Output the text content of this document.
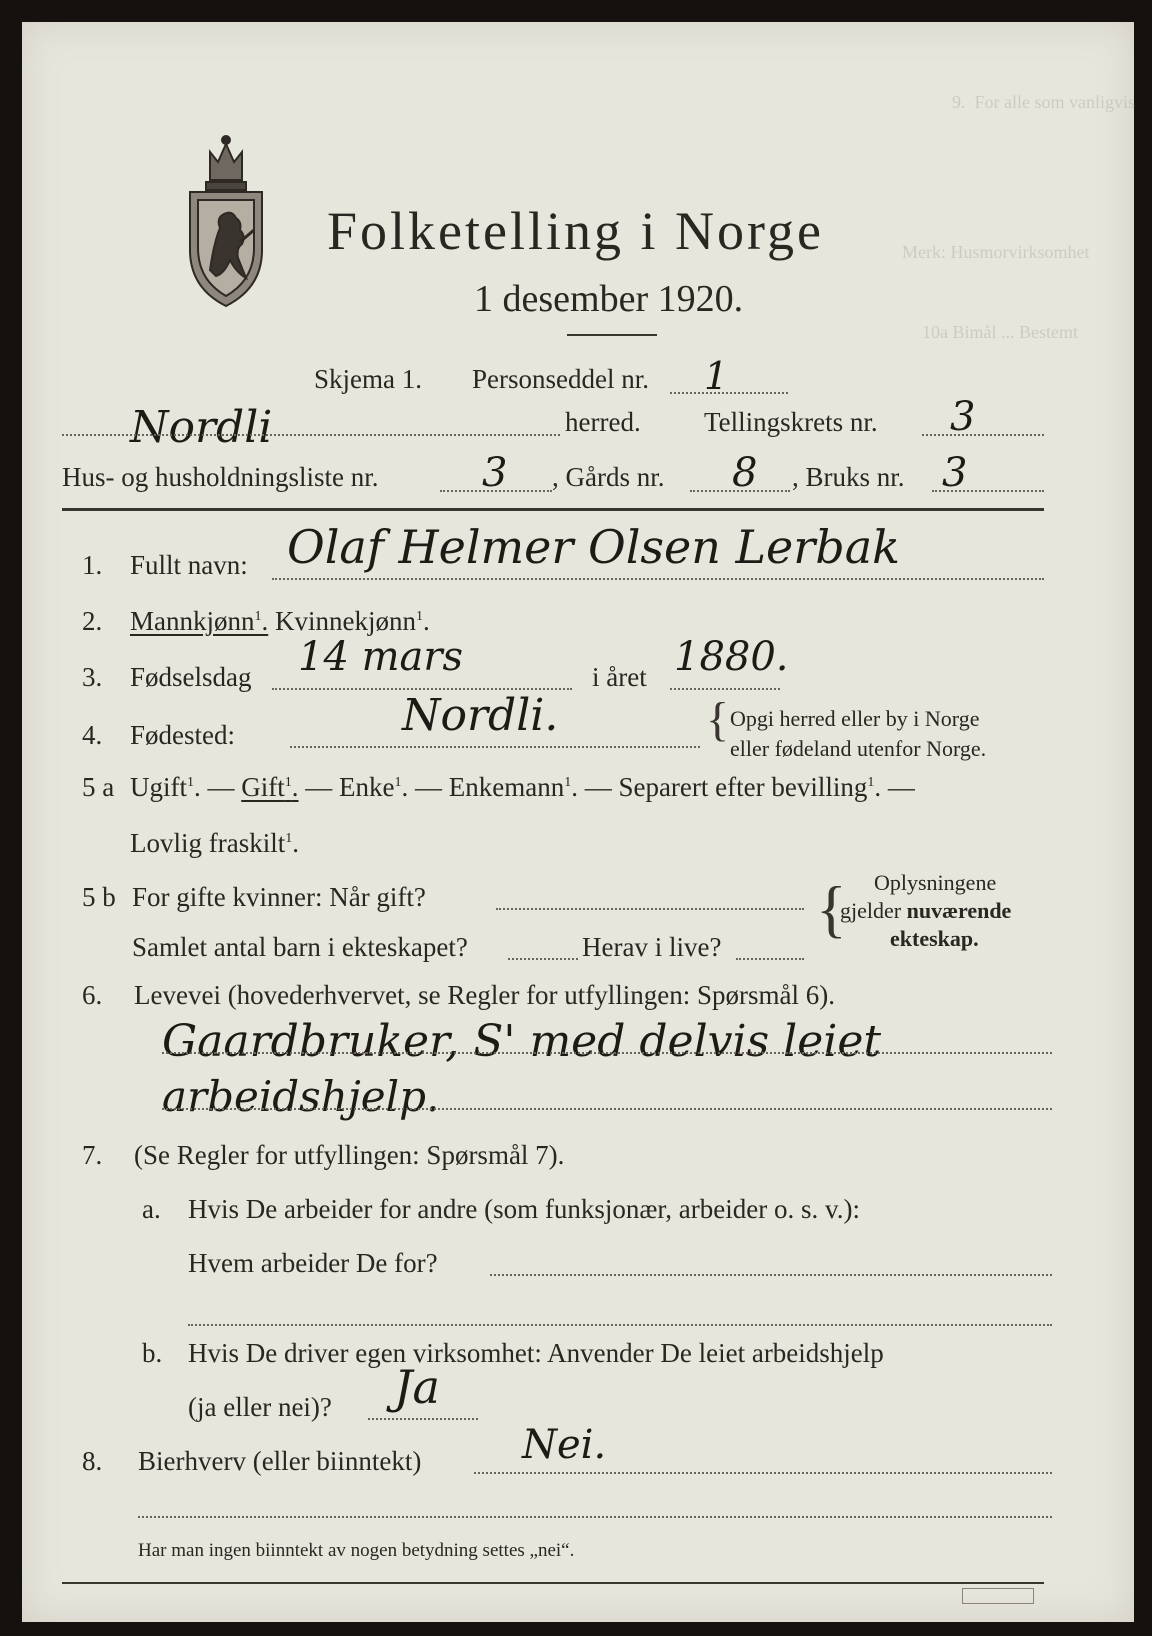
9.  For alle som vanligvis
Merk: Husmorvirksomhet
10a Bimål ... Bestemt
Folketelling i Norge
1 desember 1920.
Skjema 1. Personseddel nr. 1
Nordli	herred. Tellingskrets nr. 3
Hus- og husholdningsliste nr.	3 , Gårds nr. 8 , Bruks nr. 3
1. Fullt navn: Olaf Helmer Olsen Lerbak
2. Mannkjønn$^1$. Kvinnekjønn$^1$.
3. Fødselsdag 14 mars	i året 1880.
4. Fødested:	Nordli.	{ Opgi herred eller by i Norge
eller fødeland utenfor Norge.
5 a Ugift$^1$. — Gift$^1$. — Enke$^1$. — Enkemann$^1$. — Separert efter bevilling$^1$. —
Lovlig fraskilt$^1$.
5 b For gifte kvinner: Når gift?
Samlet antal barn i ekteskapet?	Herav i live?
{ Oplysningene
gjelder nuværende
ekteskap.
6. Levevei (hovederhvervet, se Regler for utfyllingen: Spørsmål 6).
Gaardbruker, S' med delvis leiet
arbeidshjelp.
7. (Se Regler for utfyllingen: Spørsmål 7).
a. Hvis De arbeider for andre (som funksjonær, arbeider o. s. v.):
Hvem arbeider De for?
b. Hvis De driver egen virksomhet: Anvender De leiet arbeidshjelp
(ja eller nei)? Ja
8. Bierhverv (eller biinntekt)	Nei.
Har man ingen biinntekt av nogen betydning settes „nei“.
